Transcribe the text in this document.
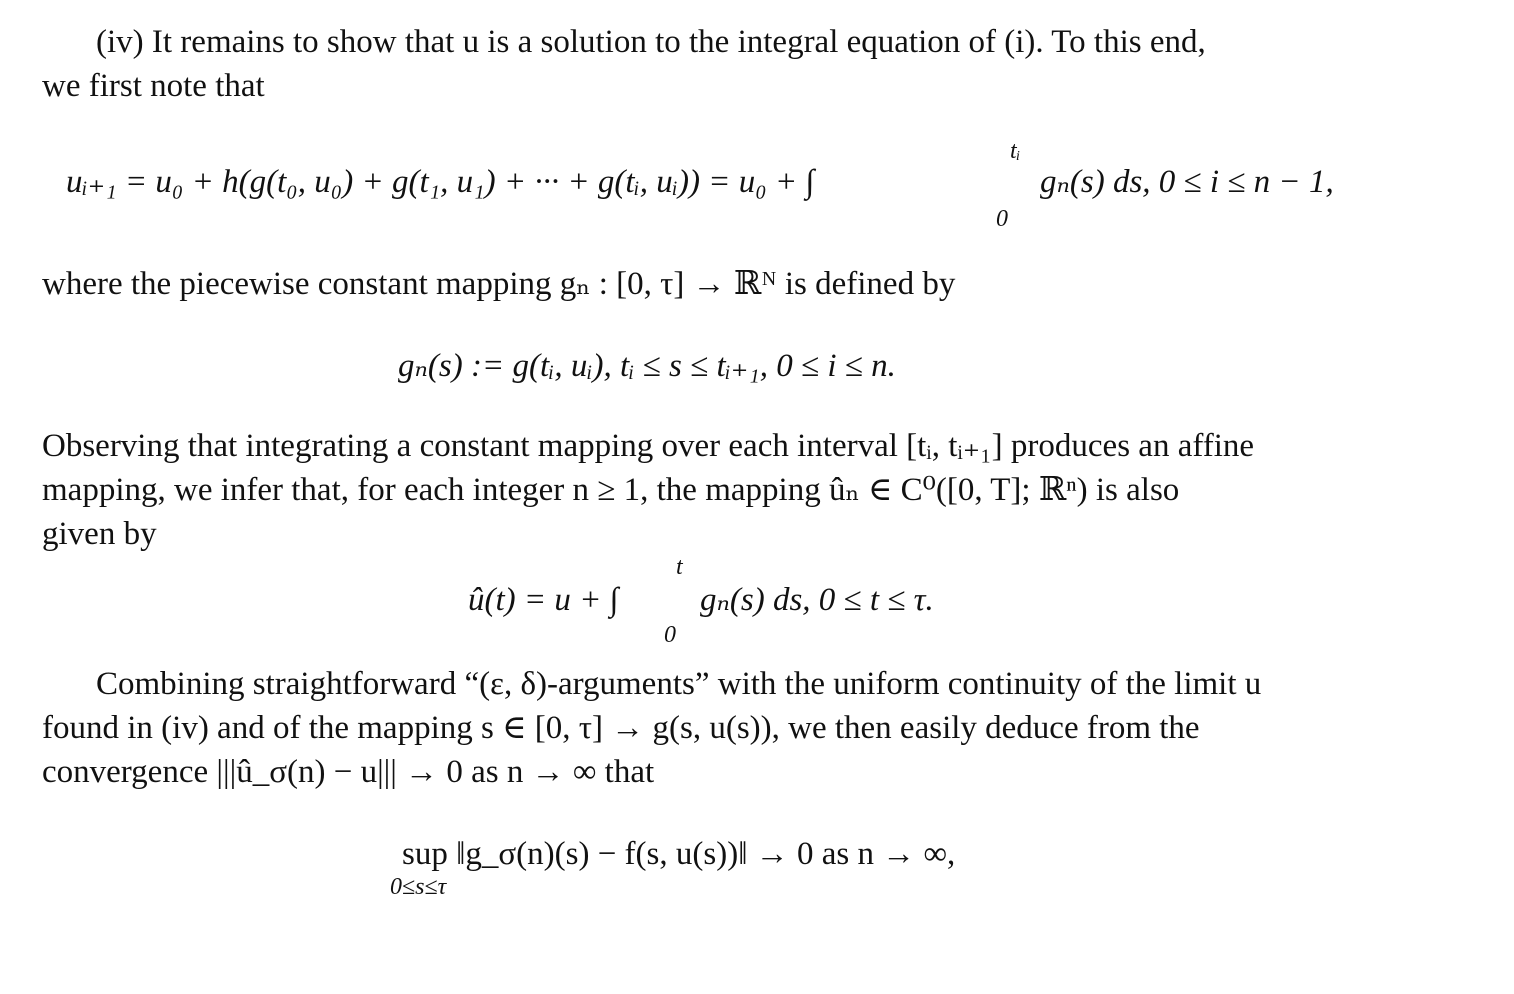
(iv) It remains to show that u is a solution to the integral equation of (i). To this end,
we first note that
uᵢ₊₁ = u₀ + h(g(t₀, u₀) + g(t₁, u₁) + ··· + g(tᵢ, uᵢ)) = u₀ + ∫
tᵢ
0
gₙ(s) ds, 0 ≤ i ≤ n − 1,
where the piecewise constant mapping gₙ : [0, τ] → ℝᴺ is defined by
gₙ(s) := g(tᵢ, uᵢ), tᵢ ≤ s ≤ tᵢ₊₁, 0 ≤ i ≤ n.
Observing that integrating a constant mapping over each interval [tᵢ, tᵢ₊₁] produces an affine
mapping, we infer that, for each integer n ≥ 1, the mapping ûₙ ∈ C⁰([0, T]; ℝⁿ) is also
given by
û(t) = u + ∫
t
0
gₙ(s) ds, 0 ≤ t ≤ τ.
Combining straightforward “(ε, δ)-arguments” with the uniform continuity of the limit u
found in (iv) and of the mapping s ∈ [0, τ] → g(s, u(s)), we then easily deduce from the
convergence |||û_σ(n) − u||| → 0 as n → ∞ that
sup ‖g_σ(n)(s) − f(s, u(s))‖ → 0 as n → ∞,
0≤s≤τ
